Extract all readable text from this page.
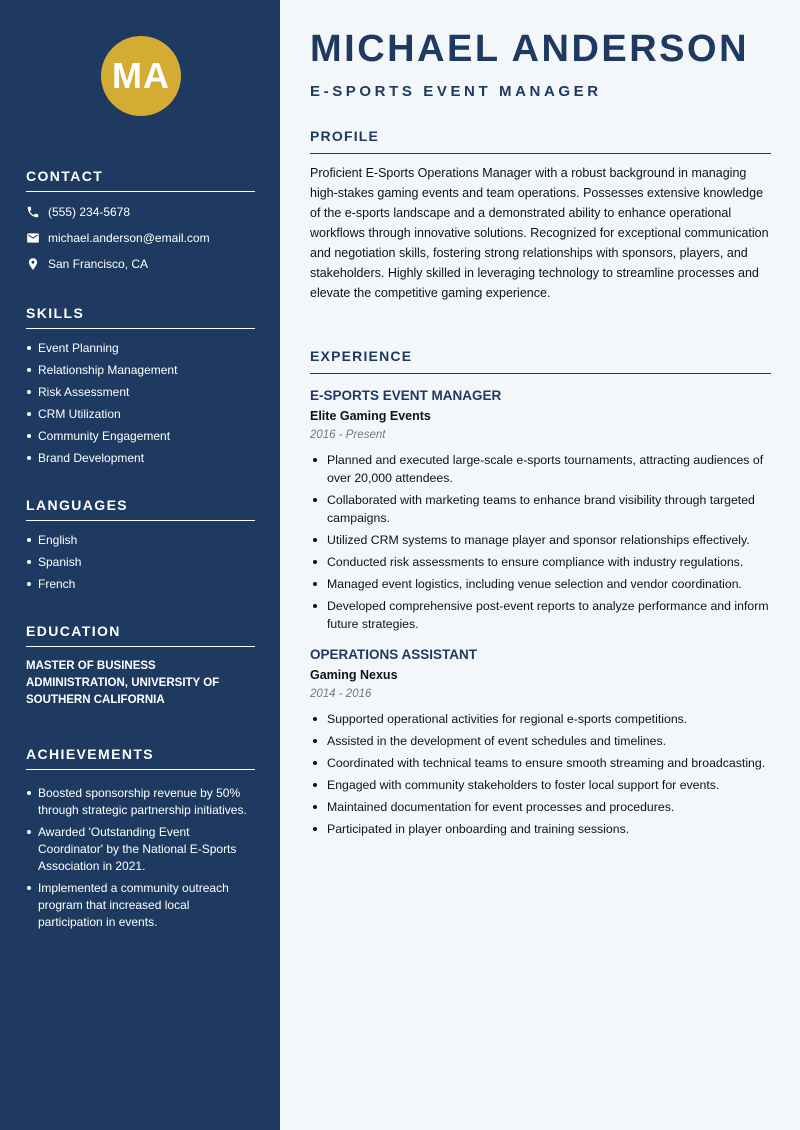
MA
CONTACT
(555) 234-5678
michael.anderson@email.com
San Francisco, CA
SKILLS
Event Planning
Relationship Management
Risk Assessment
CRM Utilization
Community Engagement
Brand Development
LANGUAGES
English
Spanish
French
EDUCATION

MASTER OF BUSINESS ADMINISTRATION, UNIVERSITY OF SOUTHERN CALIFORNIA

ACHIEVEMENTS
Boosted sponsorship revenue by 50% through strategic partnership initiatives.
Awarded 'Outstanding Event Coordinator' by the National E-Sports Association in 2021.
Implemented a community outreach program that increased local participation in events.
MICHAEL ANDERSON
E-SPORTS EVENT MANAGER
PROFILE

Proficient E-Sports Operations Manager with a robust background in managing high-stakes gaming events and team operations. Possesses extensive knowledge of the e-sports landscape and a demonstrated ability to enhance operational workflows through innovative solutions. Recognized for exceptional communication and negotiation skills, fostering strong relationships with sponsors, players, and stakeholders. Highly skilled in leveraging technology to streamline processes and elevate the competitive gaming experience.

EXPERIENCE

E-SPORTS EVENT MANAGER

Elite Gaming Events

2016 - Present

Planned and executed large-scale e-sports tournaments, attracting audiences of over 20,000 attendees.
Collaborated with marketing teams to enhance brand visibility through targeted campaigns.
Utilized CRM systems to manage player and sponsor relationships effectively.
Conducted risk assessments to ensure compliance with industry regulations.
Managed event logistics, including venue selection and vendor coordination.
Developed comprehensive post-event reports to analyze performance and inform future strategies.

OPERATIONS ASSISTANT

Gaming Nexus

2014 - 2016

Supported operational activities for regional e-sports competitions.
Assisted in the development of event schedules and timelines.
Coordinated with technical teams to ensure smooth streaming and broadcasting.
Engaged with community stakeholders to foster local support for events.
Maintained documentation for event processes and procedures.
Participated in player onboarding and training sessions.
